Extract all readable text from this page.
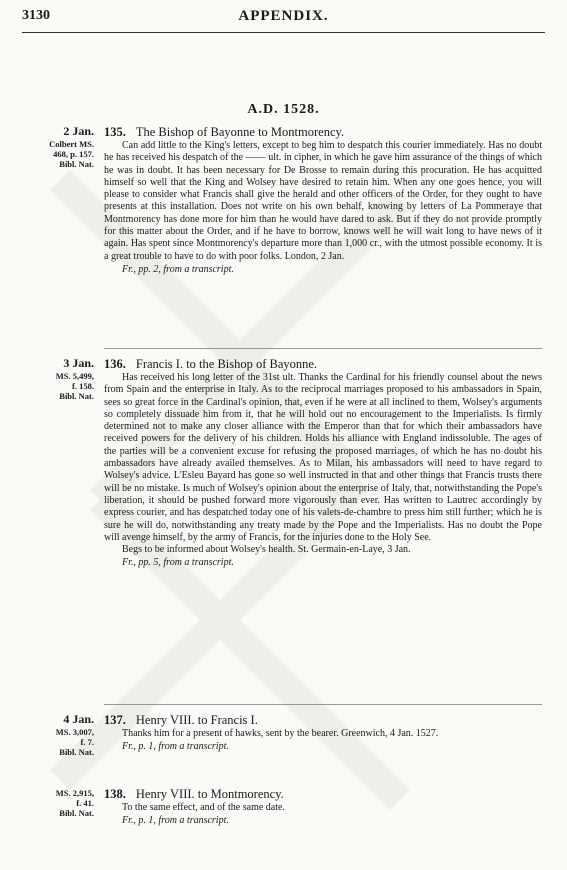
3130	APPENDIX.
A.D. 1528.
2 Jan.
Colbert MS.
468, p. 157.
Bibl. Nat.
135. The Bishop of Bayonne to Montmorency.

Can add little to the King's letters, except to beg him to despatch this courier immediately. Has no doubt he has received his despatch of the —— ult. in cipher, in which he gave him assurance of the things of which he was in doubt. It has been necessary for De Brosse to remain during this procuration. He has acquitted himself so well that the King and Wolsey have desired to retain him. When any one goes hence, you will please to consider what Francis shall give the herald and other officers of the Order, for they ought to have presents at this installation. Does not write on his own behalf, knowing by letters of La Pommeraye that Montmorency has done more for him than he would have dared to ask. But if they do not provide promptly for this matter about the Order, and if he have to borrow, knows well he will wait long to have news of it again. Has spent since Montmorency's departure more than 1,000 cr., with the utmost possible economy. It is a great trouble to have to do with poor folks. London, 2 Jan.

Fr., pp. 2, from a transcript.
3 Jan.
MS. 5,499,
f. 158.
Bibl. Nat.
136. Francis I. to the Bishop of Bayonne.

Has received his long letter of the 31st ult. Thanks the Cardinal for his friendly counsel about the news from Spain and the enterprise in Italy. As to the reciprocal marriages proposed to his ambassadors in Spain, sees so great force in the Cardinal's opinion, that, even if he were at all inclined to them, Wolsey's arguments so completely dissuade him from it, that he will hold out no encouragement to the Imperialists. Is firmly determined not to make any closer alliance with the Emperor than that for which their ambassadors have received powers for the delivery of his children. Holds his alliance with England indissoluble. The ages of the parties will be a convenient excuse for refusing the proposed marriages, of which he has no doubt his ambassadors have already availed themselves. As to Milan, his ambassadors will need to have regard to Wolsey's advice. L'Esleu Bayard has gone so well instructed in that and other things that Francis trusts there will be no mistake. Is much of Wolsey's opinion about the enterprise of Italy, that, notwithstanding the Pope's liberation, it should be pushed forward more vigorously than ever. Has written to Lautrec accordingly by express courier, and has despatched today one of his valets-de-chambre to press him still further; which he is sure he will do, notwithstanding any treaty made by the Pope and the Imperialists. Has no doubt the Pope will avenge himself, by the army of Francis, for the injuries done to the Holy See.

Begs to be informed about Wolsey's health. St. Germain-en-Laye, 3 Jan.

Fr., pp. 5, from a transcript.
4 Jan.
MS. 3,007,
f. 7.
Bibl. Nat.
137. Henry VIII. to Francis I.

Thanks him for a present of hawks, sent by the bearer. Greenwich, 4 Jan. 1527.

Fr., p. 1, from a transcript.
MS. 2,915,
f. 41.
Bibl. Nat.
138. Henry VIII. to Montmorency.

To the same effect, and of the same date.

Fr., p. 1, from a transcript.
